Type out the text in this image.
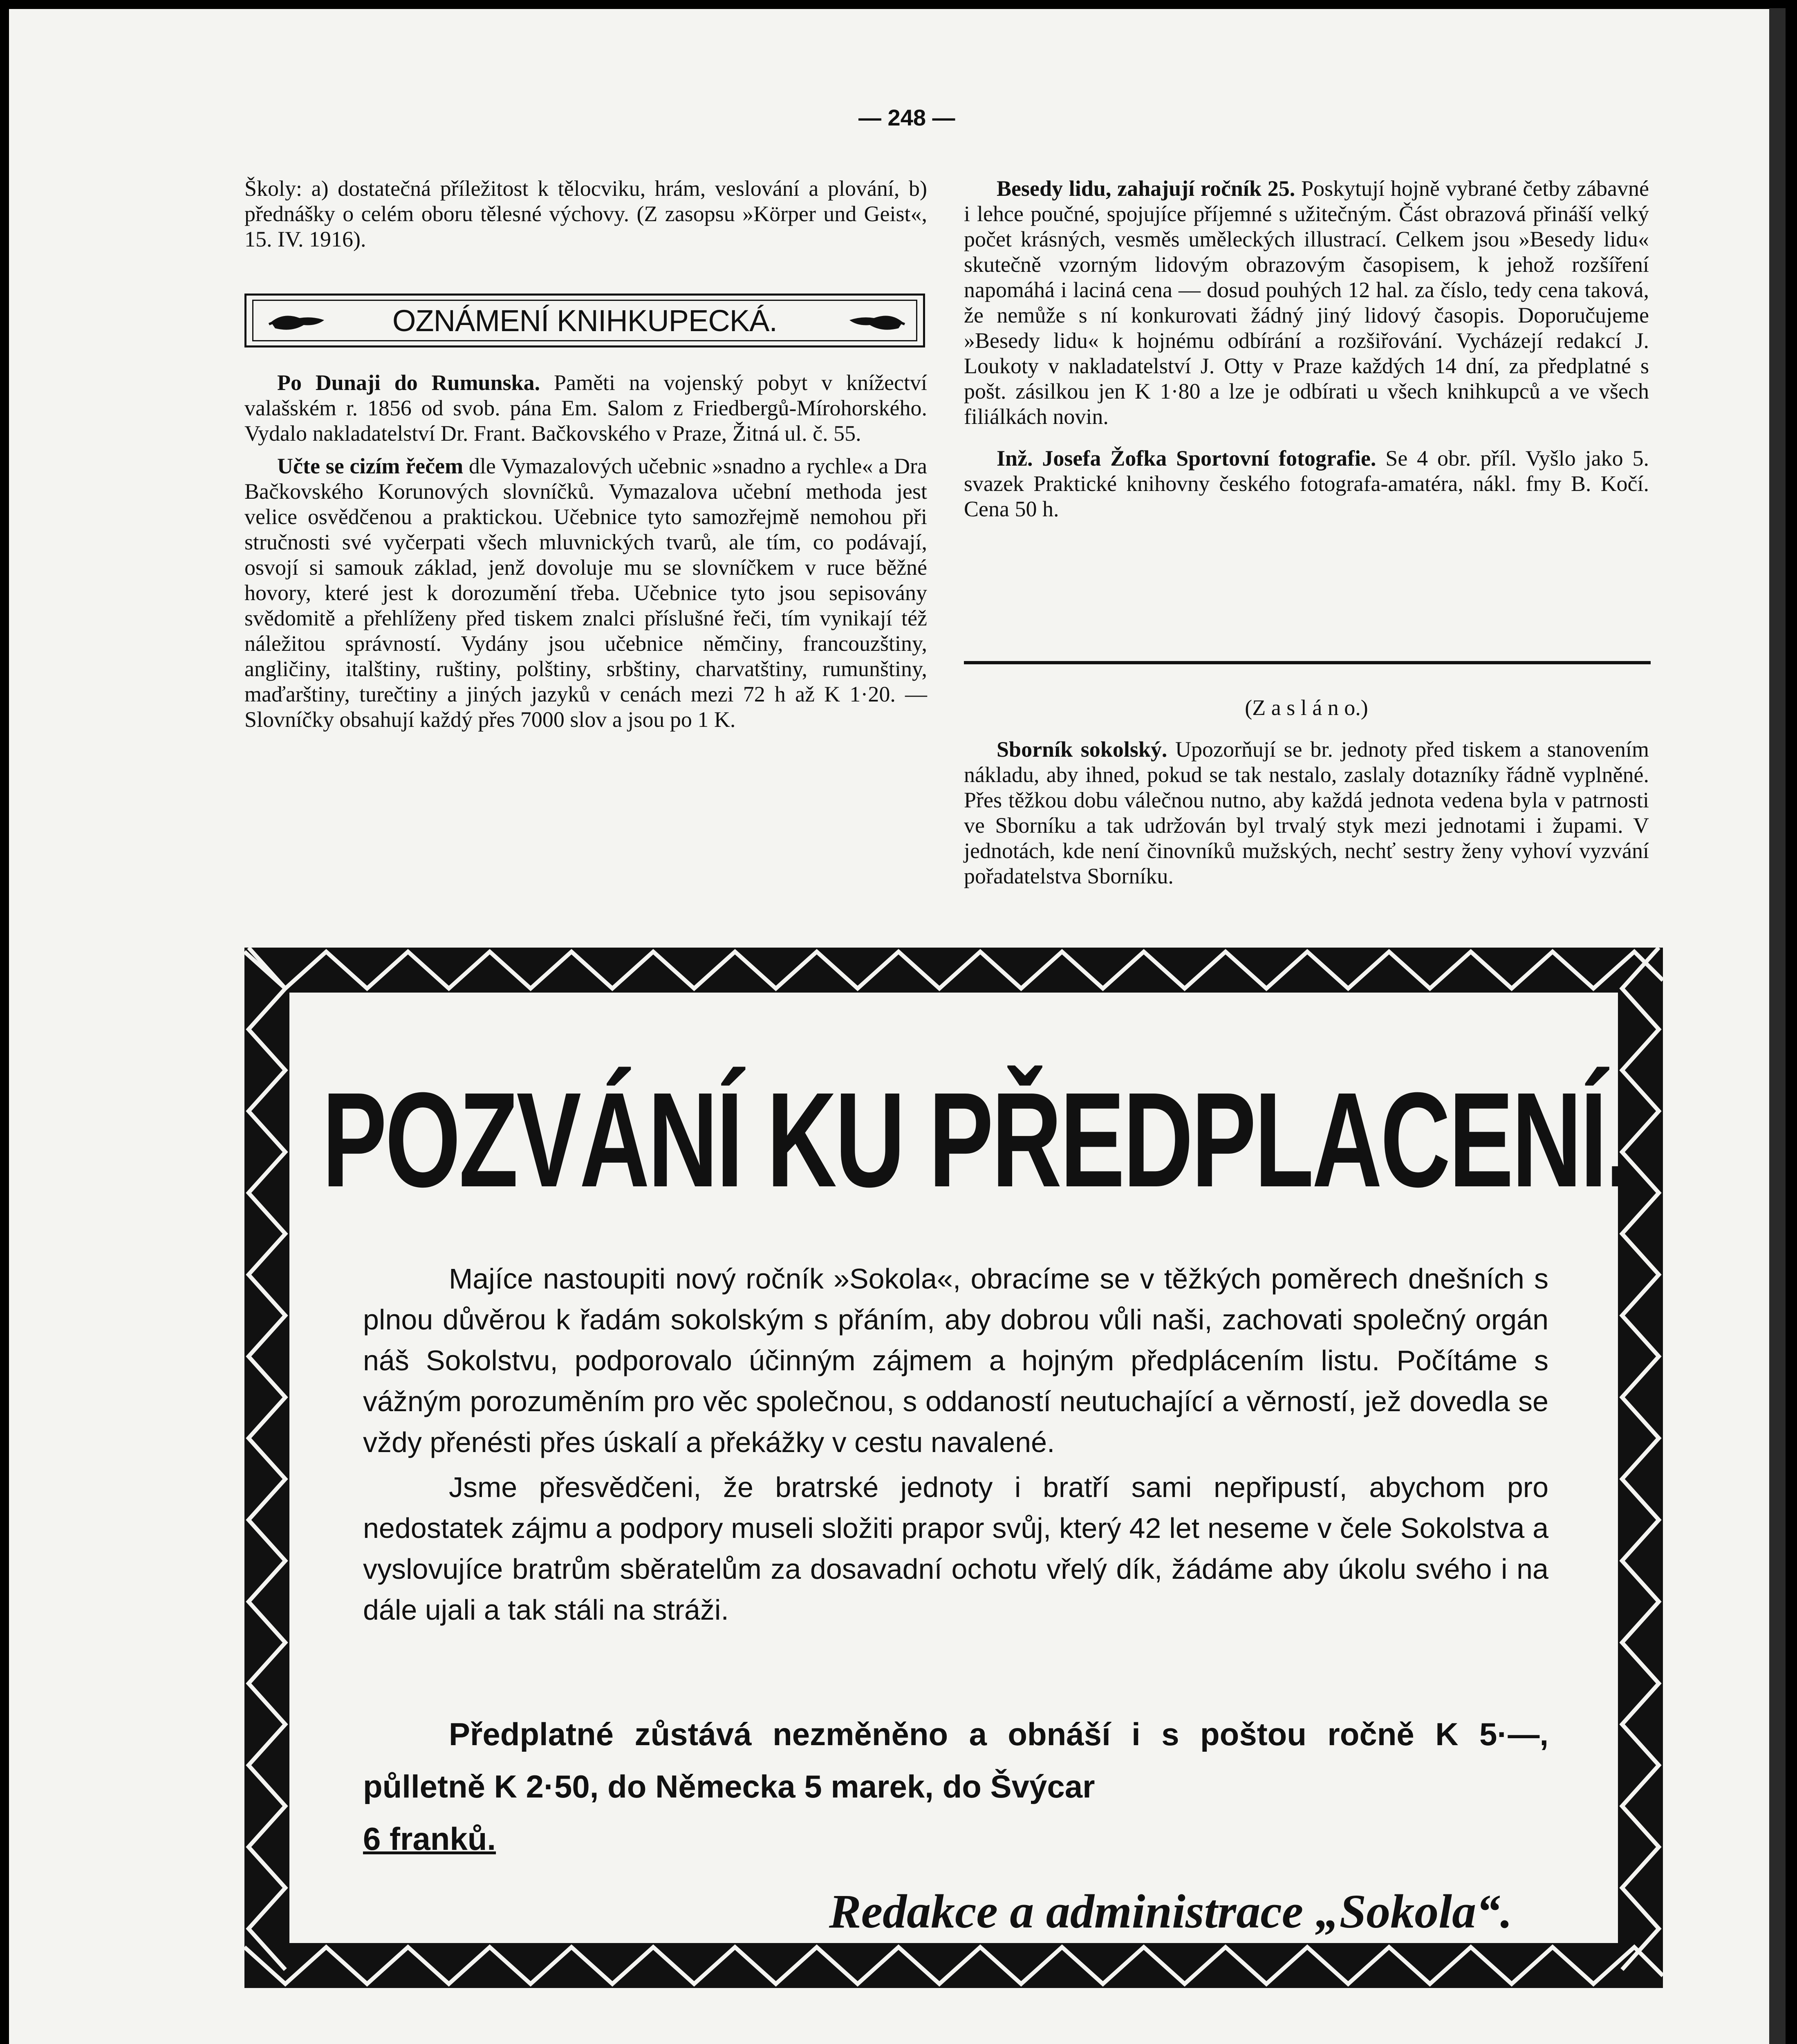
— 248 —

Školy: a) dostatečná příležitost k tělocviku, hrám, veslování a plování, b) přednášky o celém oboru tělesné výchovy. (Z zasopsu »Körper und Geist«, 15. IV. 1916).

OZNÁMENÍ KNIHKUPECKÁ.

Po Dunaji do Rumunska. Paměti na vojenský pobyt v knížectví valašském r. 1856 od svob. pána Em. Salom z Friedbergů-Mírohorského. Vydalo nakladatelství Dr. Frant. Bačkovského v Praze, Žitná ul. č. 55.

Učte se cizím řečem dle Vymazalových učebnic »snadno a rychle« a Dra Bačkovského Korunových slovníčků. Vymazalova učební methoda jest velice osvědčenou a praktickou. Učebnice tyto samozřejmě nemohou při stručnosti své vyčerpati všech mluvnických tvarů, ale tím, co podávají, osvojí si samouk základ, jenž dovoluje mu se slovníčkem v ruce běžné hovory, které jest k dorozumění třeba. Učebnice tyto jsou sepisovány svědomitě a přehlíženy před tiskem znalci příslušné řeči, tím vynikají též náležitou správností. Vydány jsou učebnice němčiny, francouzštiny, angličiny, italštiny, ruštiny, polštiny, srbštiny, charvatštiny, rumunštiny, maďarštiny, turečtiny a jiných jazyků v cenách mezi 72 h až K 1·20. — Slovníčky obsahují každý přes 7000 slov a jsou po 1 K.

Besedy lidu, zahajují ročník 25. Poskytují hojně vybrané četby zábavné i lehce poučné, spojujíce příjemné s užitečným. Část obrazová přináší velký počet krásných, vesměs uměleckých illustrací. Celkem jsou »Besedy lidu« skutečně vzorným lidovým obrazovým časopisem, k jehož rozšíření napomáhá i laciná cena — dosud pouhých 12 hal. za číslo, tedy cena taková, že nemůže s ní konkurovati žádný jiný lidový časopis. Doporučujeme »Besedy lidu« k hojnému odbírání a rozšiřování. Vycházejí redakcí J. Loukoty v nakladatelství J. Otty v Praze každých 14 dní, za předplatné s pošt. zásilkou jen K 1·80 a lze je odbírati u všech knihkupců a ve všech filiálkách novin.

Inž. Josefa Žofka Sportovní fotografie. Se 4 obr. příl. Vyšlo jako 5. svazek Praktické knihovny českého fotografa-amatéra, nákl. fmy B. Kočí. Cena 50 h.

(Z a s l á n o.)

Sborník sokolský. Upozorňují se br. jednoty před tiskem a stanovením nákladu, aby ihned, pokud se tak nestalo, zaslaly dotazníky řádně vyplněné. Přes těžkou dobu válečnou nutno, aby každá jednota vedena byla v patrnosti ve Sborníku a tak udržován byl trvalý styk mezi jednotami i župami. V jednotách, kde není činovníků mužských, nechť sestry ženy vyhoví vyzvání pořadatelstva Sborníku.

POZVÁNÍ KU PŘEDPLACENÍ.

Majíce nastoupiti nový ročník »Sokola«, obracíme se v těžkých poměrech dnešních s plnou důvěrou k řadám sokolským s přáním, aby dobrou vůli naši, zachovati společný orgán náš Sokolstvu, podporovalo účinným zájmem a hojným předplácením listu. Počítáme s vážným porozuměním pro věc společnou, s oddaností neutuchající a věrností, jež dovedla se vždy přenésti přes úskalí a překážky v cestu navalené.

Jsme přesvědčeni, že bratrské jednoty i bratří sami nepřipustí, abychom pro nedostatek zájmu a podpory museli složiti prapor svůj, který 42 let neseme v čele Sokolstva a vyslovujíce bratrům sběratelům za dosavadní ochotu vřelý dík, žádáme aby úkolu svého i na dále ujali a tak stáli na stráži.

Předplatné zůstává nezměněno a obnáší i s poštou ročně K 5·—, půlletně K 2·50, do Německa 5 marek, do Švýcar
6 franků.
Redakce a administrace „Sokola“.
